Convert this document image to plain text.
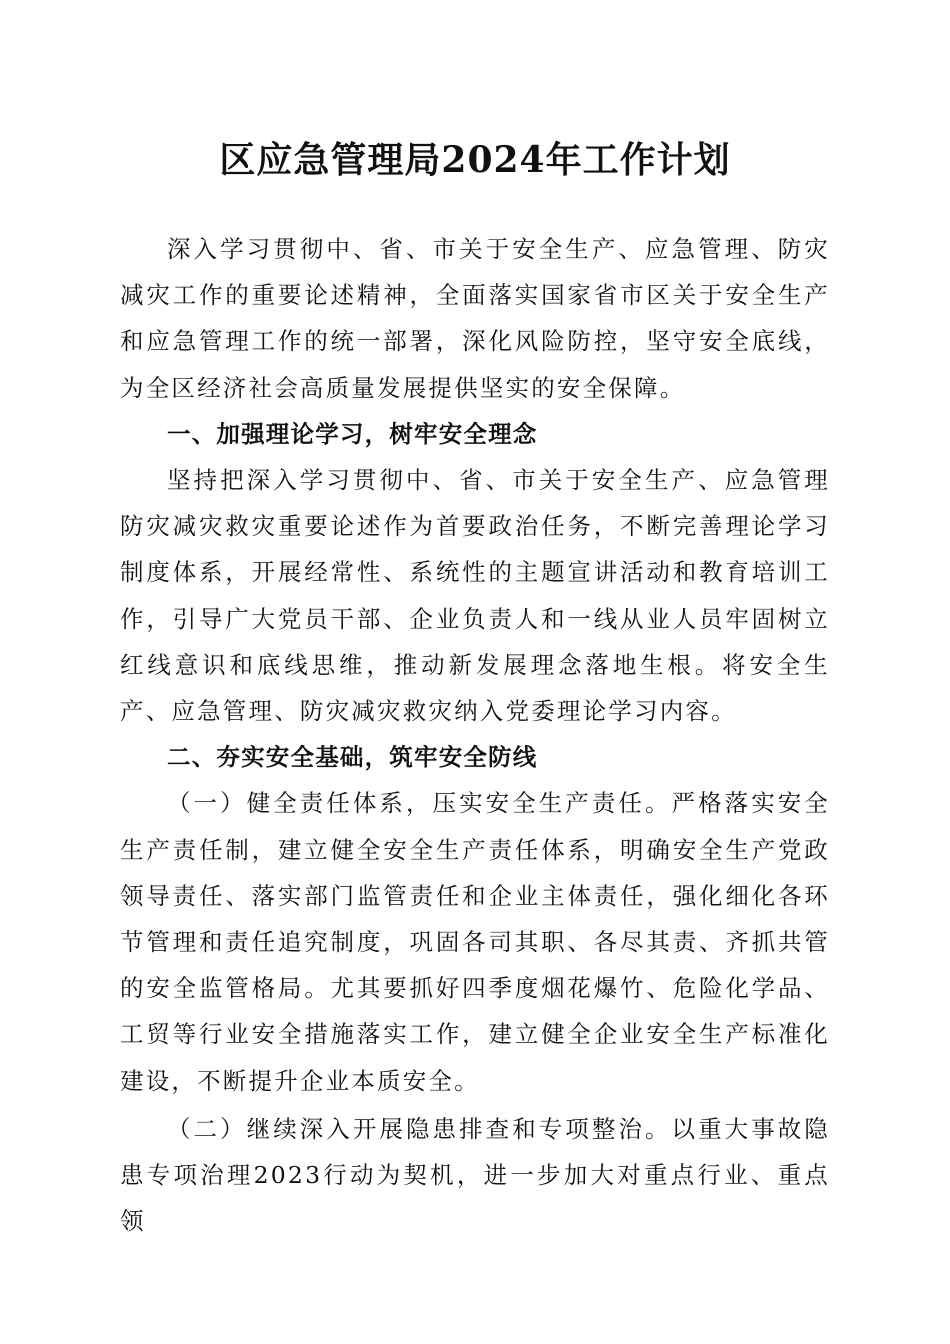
区应急管理局2024年工作计划

深入学习贯彻中、省、市关于安全生产、应急管理、防灾减灾工作的重要论述精神，全面落实国家省市区关于安全生产和应急管理工作的统一部署，深化风险防控，坚守安全底线，为全区经济社会高质量发展提供坚实的安全保障。

一、加强理论学习，树牢安全理念

坚持把深入学习贯彻中、省、市关于安全生产、应急管理防灾减灾救灾重要论述作为首要政治任务，不断完善理论学习制度体系，开展经常性、系统性的主题宣讲活动和教育培训工作，引导广大党员干部、企业负责人和一线从业人员牢固树立红线意识和底线思维，推动新发展理念落地生根。将安全生产、应急管理、防灾减灾救灾纳入党委理论学习内容。

二、夯实安全基础，筑牢安全防线

（一）健全责任体系，压实安全生产责任。严格落实安全生产责任制，建立健全安全生产责任体系，明确安全生产党政领导责任、落实部门监管责任和企业主体责任，强化细化各环节管理和责任追究制度，巩固各司其职、各尽其责、齐抓共管的安全监管格局。尤其要抓好四季度烟花爆竹、危险化学品、工贸等行业安全措施落实工作，建立健全企业安全生产标准化建设，不断提升企业本质安全。

（二）继续深入开展隐患排查和专项整治。以重大事故隐患专项治理2023行动为契机，进一步加大对重点行业、重点领
